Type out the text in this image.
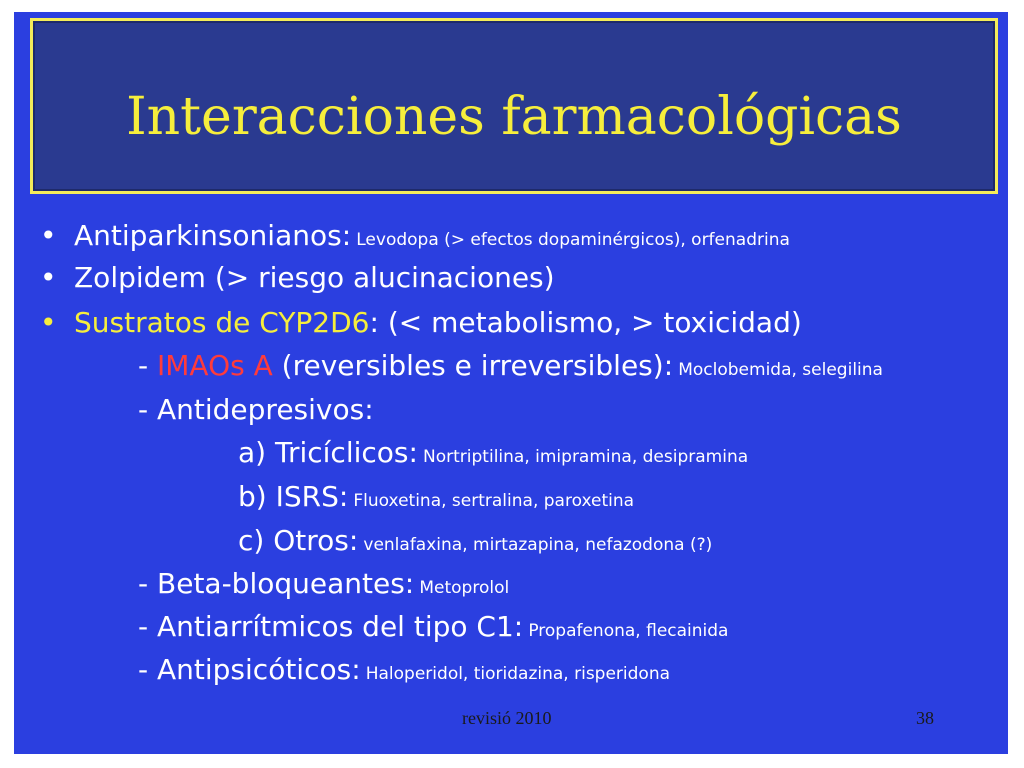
Interacciones farmacológicas
• Antiparkinsonianos: Levodopa (> efectos dopaminérgicos), orfenadrina
• Zolpidem (> riesgo alucinaciones)
• Sustratos de CYP2D6: (< metabolismo, > toxicidad)
- IMAOs A (reversibles e irreversibles): Moclobemida, selegilina
- Antidepresivos:
a) Tricíclicos: Nortriptilina, imipramina, desipramina
b) ISRS: Fluoxetina, sertralina, paroxetina
c) Otros: venlafaxina, mirtazapina, nefazodona (?)
- Beta-bloqueantes: Metoprolol
- Antiarrítmicos del tipo C1: Propafenona, flecainida
- Antipsicóticos: Haloperidol, tioridazina, risperidona
revisió 2010	38
